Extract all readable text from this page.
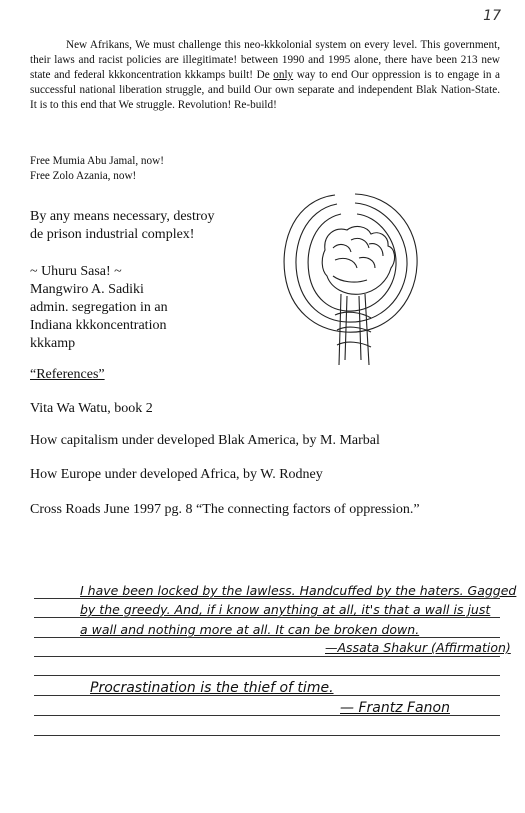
17

New Afrikans, We must challenge this neo-kkkolonial system on every level. This government, their laws and racist policies are illegitimate! between 1990 and 1995 alone, there have been 213 new state and federal kkkoncentration kkkamps built! De only way to end Our oppression is to engage in a successful national liberation struggle, and build Our own separate and independent Blak Nation-State. It is to this end that We struggle. Revolution! Re-build!

Free Mumia Abu Jamal, now!
Free Zolo Azania, now!
By any means necessary, destroy
de prison industrial complex!
~ Uhuru Sasa! ~
Mangwiro A. Sadiki
admin. segregation in an
Indiana kkkoncentration
kkkamp
“References”
Vita Wa Watu, book 2
How capitalism under developed Blak America, by M. Marbal
How Europe under developed Africa, by W. Rodney
Cross Roads June 1997 pg. 8 “The connecting factors of oppression.”
I have been locked by the lawless. Handcuffed by the haters. Gagged
by the greedy. And, if i know anything at all, it's that a wall is just
a wall and nothing more at all. It can be broken down.
—Assata Shakur (Affirmation)
Procrastination is the thief of time.
— Frantz Fanon
